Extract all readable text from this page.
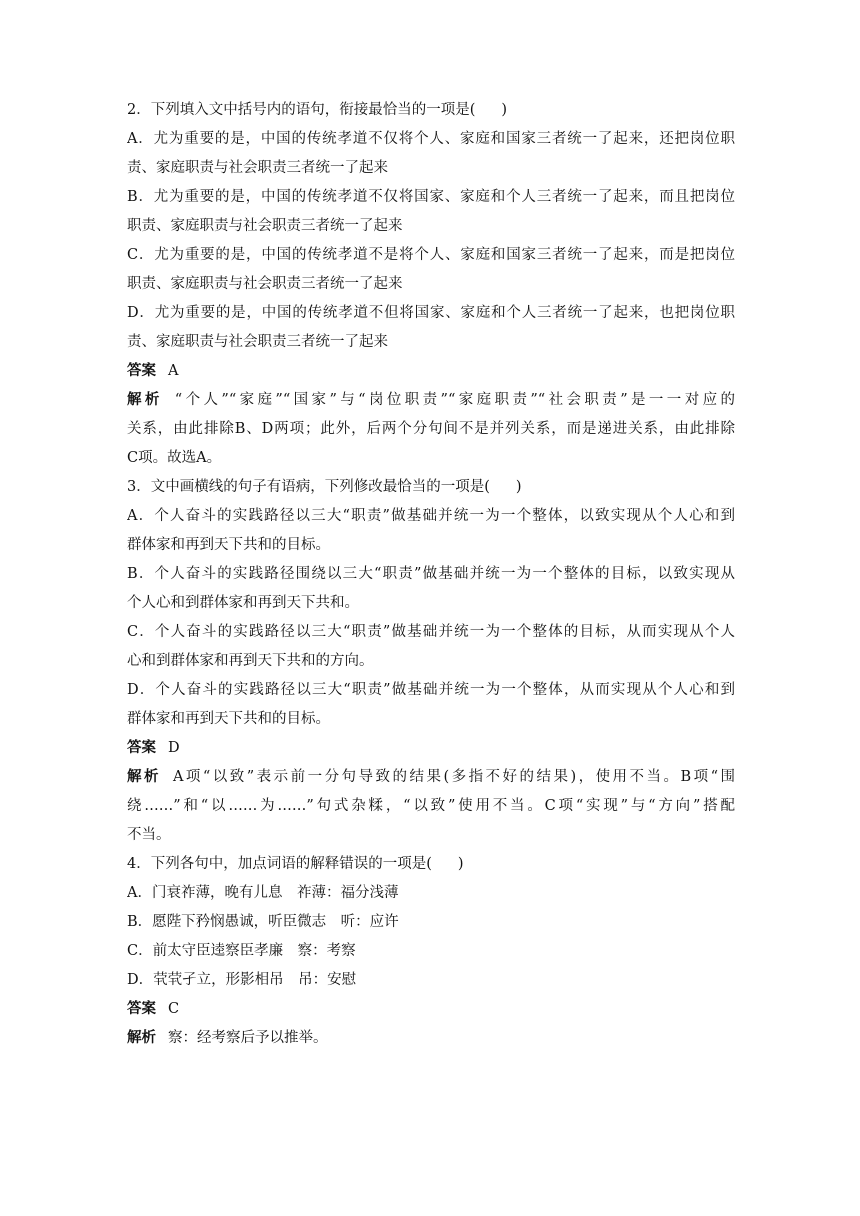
2．下列填入文中括号内的语句，衔接最恰当的一项是( )
A．尤为重要的是，中国的传统孝道不仅将个人、家庭和国家三者统一了起来，还把岗位职
责、家庭职责与社会职责三者统一了起来
B．尤为重要的是，中国的传统孝道不仅将国家、家庭和个人三者统一了起来，而且把岗位
职责、家庭职责与社会职责三者统一了起来
C．尤为重要的是，中国的传统孝道不是将个人、家庭和国家三者统一了起来，而是把岗位
职责、家庭职责与社会职责三者统一了起来
D．尤为重要的是，中国的传统孝道不但将国家、家庭和个人三者统一了起来，也把岗位职
责、家庭职责与社会职责三者统一了起来
答案 A
解析 “个人”“家庭”“国家”与“岗位职责”“家庭职责”“社会职责”是一一对应的
关系，由此排除B、D两项；此外，后两个分句间不是并列关系，而是递进关系，由此排除
C项。故选A。
3．文中画横线的句子有语病，下列修改最恰当的一项是( )
A．个人奋斗的实践路径以三大“职责”做基础并统一为一个整体，以致实现从个人心和到
群体家和再到天下共和的目标。
B．个人奋斗的实践路径围绕以三大“职责”做基础并统一为一个整体的目标，以致实现从
个人心和到群体家和再到天下共和。
C．个人奋斗的实践路径以三大“职责”做基础并统一为一个整体的目标，从而实现从个人
心和到群体家和再到天下共和的方向。
D．个人奋斗的实践路径以三大“职责”做基础并统一为一个整体，从而实现从个人心和到
群体家和再到天下共和的目标。
答案 D
解析 A项“以致”表示前一分句导致的结果(多指不好的结果)，使用不当。B项“围
绕……”和“以……为……”句式杂糅，“以致”使用不当。C项“实现”与“方向”搭配
不当。
4．下列各句中，加点词语的解释错误的一项是( )
A．门衰祚薄，晚有儿息　祚薄：福分浅薄
B．愿陛下矜悯愚诚，听臣微志　听：应许
C．前太守臣逵察臣孝廉　察：考察
D．茕茕孑立，形影相吊　吊：安慰
答案 C
解析 察：经考察后予以推举。
